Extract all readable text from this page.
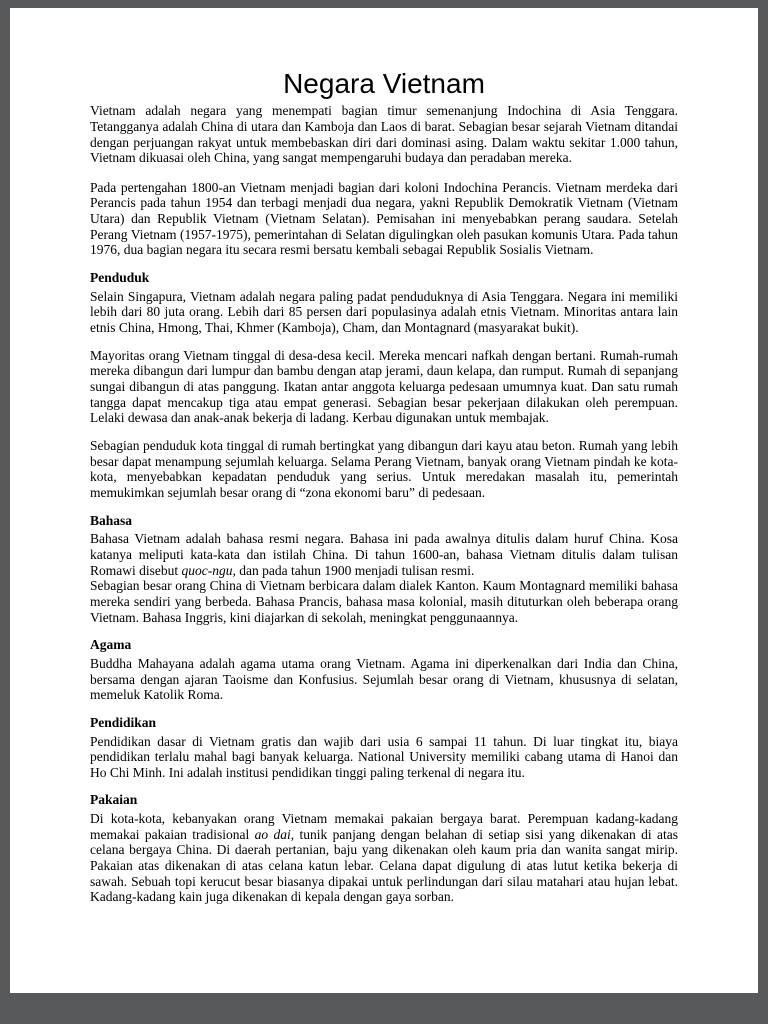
Negara Vietnam

Vietnam adalah negara yang menempati bagian timur semenanjung Indochina di Asia Tenggara. Tetangganya adalah China di utara dan Kamboja dan Laos di barat. Sebagian besar sejarah Vietnam ditandai dengan perjuangan rakyat untuk membebaskan diri dari dominasi asing. Dalam waktu sekitar 1.000 tahun, Vietnam dikuasai oleh China, yang sangat mempengaruhi budaya dan peradaban mereka.

Pada pertengahan 1800-an Vietnam menjadi bagian dari koloni Indochina Perancis. Vietnam merdeka dari Perancis pada tahun 1954 dan terbagi menjadi dua negara, yakni Republik Demokratik Vietnam (Vietnam Utara) dan Republik Vietnam (Vietnam Selatan). Pemisahan ini menyebabkan perang saudara. Setelah Perang Vietnam (1957-1975), pemerintahan di Selatan digulingkan oleh pasukan komunis Utara. Pada tahun 1976, dua bagian negara itu secara resmi bersatu kembali sebagai Republik Sosialis Vietnam.

Penduduk

Selain Singapura, Vietnam adalah negara paling padat penduduknya di Asia Tenggara. Negara ini memiliki lebih dari 80 juta orang. Lebih dari 85 persen dari populasinya adalah etnis Vietnam. Minoritas antara lain etnis China, Hmong, Thai, Khmer (Kamboja), Cham, dan Montagnard (masyarakat bukit).

Mayoritas orang Vietnam tinggal di desa-desa kecil. Mereka mencari nafkah dengan bertani. Rumah-rumah mereka dibangun dari lumpur dan bambu dengan atap jerami, daun kelapa, dan rumput. Rumah di sepanjang sungai dibangun di atas panggung. Ikatan antar anggota keluarga pedesaan umumnya kuat. Dan satu rumah tangga dapat mencakup tiga atau empat generasi. Sebagian besar pekerjaan dilakukan oleh perempuan. Lelaki dewasa dan anak-anak bekerja di ladang. Kerbau digunakan untuk membajak.

Sebagian penduduk kota tinggal di rumah bertingkat yang dibangun dari kayu atau beton. Rumah yang lebih besar dapat menampung sejumlah keluarga. Selama Perang Vietnam, banyak orang Vietnam pindah ke kota-kota, menyebabkan kepadatan penduduk yang serius. Untuk meredakan masalah itu, pemerintah memukimkan sejumlah besar orang di “zona ekonomi baru” di pedesaan.

Bahasa

Bahasa Vietnam adalah bahasa resmi negara. Bahasa ini pada awalnya ditulis dalam huruf China. Kosa katanya meliputi kata-kata dan istilah China. Di tahun 1600-an, bahasa Vietnam ditulis dalam tulisan Romawi disebut quoc-ngu, dan pada tahun 1900 menjadi tulisan resmi.

Sebagian besar orang China di Vietnam berbicara dalam dialek Kanton. Kaum Montagnard memiliki bahasa mereka sendiri yang berbeda. Bahasa Prancis, bahasa masa kolonial, masih dituturkan oleh beberapa orang Vietnam. Bahasa Inggris, kini diajarkan di sekolah, meningkat penggunaannya.

Agama

Buddha Mahayana adalah agama utama orang Vietnam. Agama ini diperkenalkan dari India dan China, bersama dengan ajaran Taoisme dan Konfusius. Sejumlah besar orang di Vietnam, khususnya di selatan, memeluk Katolik Roma.

Pendidikan

Pendidikan dasar di Vietnam gratis dan wajib dari usia 6 sampai 11 tahun. Di luar tingkat itu, biaya pendidikan terlalu mahal bagi banyak keluarga. National University memiliki cabang utama di Hanoi dan Ho Chi Minh. Ini adalah institusi pendidikan tinggi paling terkenal di negara itu.

Pakaian

Di kota-kota, kebanyakan orang Vietnam memakai pakaian bergaya barat. Perempuan kadang-kadang memakai pakaian tradisional ao dai, tunik panjang dengan belahan di setiap sisi yang dikenakan di atas celana bergaya China. Di daerah pertanian, baju yang dikenakan oleh kaum pria dan wanita sangat mirip. Pakaian atas dikenakan di atas celana katun lebar. Celana dapat digulung di atas lutut ketika bekerja di sawah. Sebuah topi kerucut besar biasanya dipakai untuk perlindungan dari silau matahari atau hujan lebat. Kadang-kadang kain juga dikenakan di kepala dengan gaya sorban.
